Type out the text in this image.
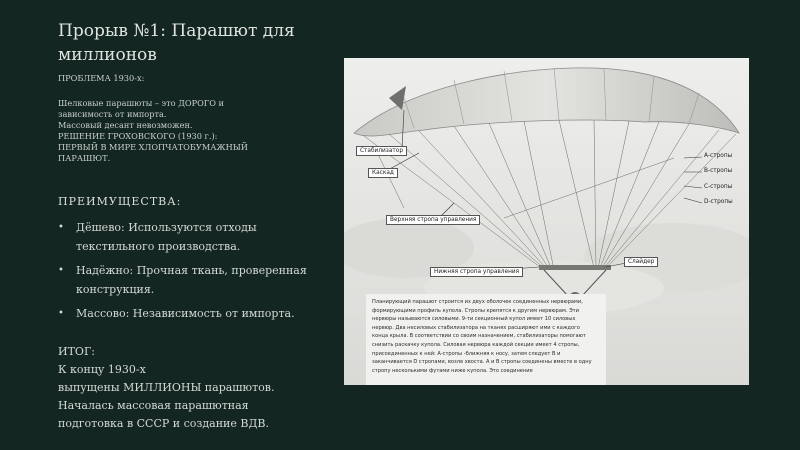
Прорыв №1: Парашют для
миллионов
ПРОБЛЕМА 1930-х:
Шелковые парашюты – это ДОРОГО и
зависимость от импорта.
Массовый десант невозможен.
РЕШЕНИЕ ГРОХОВСКОГО (1930 г.):
ПЕРВЫЙ В МИРЕ ХЛОПЧАТОБУМАЖНЫЙ
ПАРАШЮТ.
ПРЕИМУЩЕСТВА:
• Дёшево: Используются отходы текстильного производства.
• Надёжно: Прочная ткань, проверенная конструкция.
• Массово: Независимость от импорта.
ИТОГ:
К концу 1930-х
выпущены МИЛЛИОНЫ парашютов.
Началась массовая парашютная
подготовка в СССР и создание ВДВ.
Стабилизатор
Каскад
Верхняя стропа управления
Нижняя стропа управления
Слайдер
А-стропы
В-стропы
С-стропы
D-стропы
Планирующий парашют строится из двух оболочек соединенных нервюрами, формирующими профиль купола. Стропы крепятся к другим нервюрам. Эти нервюры называются силовыми. 9-ти секционный купол имеет 10 силовых нервюр. Два несиловых стабилизатора на тканях расширяют ими с каждого конца крыла. В соответствии со своим назначением, стабилизаторы помогают снизить раскачку купола. Силовая нервюра каждой секции имеет 4 стропы, присоединенных к ней: А-стропы -ближняя к носу, затем следует В и заканчивается D стропами, возле хвоста. А и В стропы соединены вместе в одну стропу несколькими футами ниже купола. Это соединение
